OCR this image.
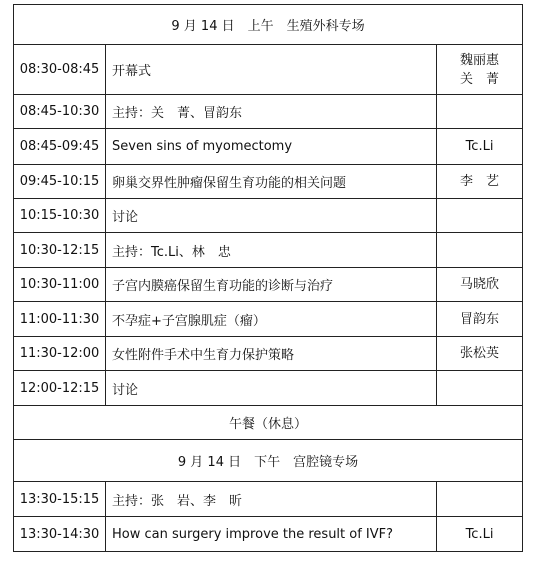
9 月 14 日　上午　生殖外科专场		
08:30-08:45	开幕式	魏丽惠
关　菁

08:45-10:30	主持：关　菁、冒韵东	
08:45-09:45	Seven sins of myomectomy	Tc.Li

09:45-10:15	卵巢交界性肿瘤保留生育功能的相关问题	李　艺

10:15-10:30	讨论	
10:30-12:15	主持：Tc.Li、林　忠	
10:30-11:00	子宫内膜癌保留生育功能的诊断与治疗	马晓欣

11:00-11:30	不孕症+子宫腺肌症（瘤）	冒韵东

11:30-12:00	女性附件手术中生育力保护策略	张松英

12:00-12:15	讨论	
午餐（休息）		
9 月 14 日　下午　宫腔镜专场		
13:30-15:15	主持：张　岩、李　昕	
13:30-14:30	How can surgery improve the result of IVF?	Tc.Li
